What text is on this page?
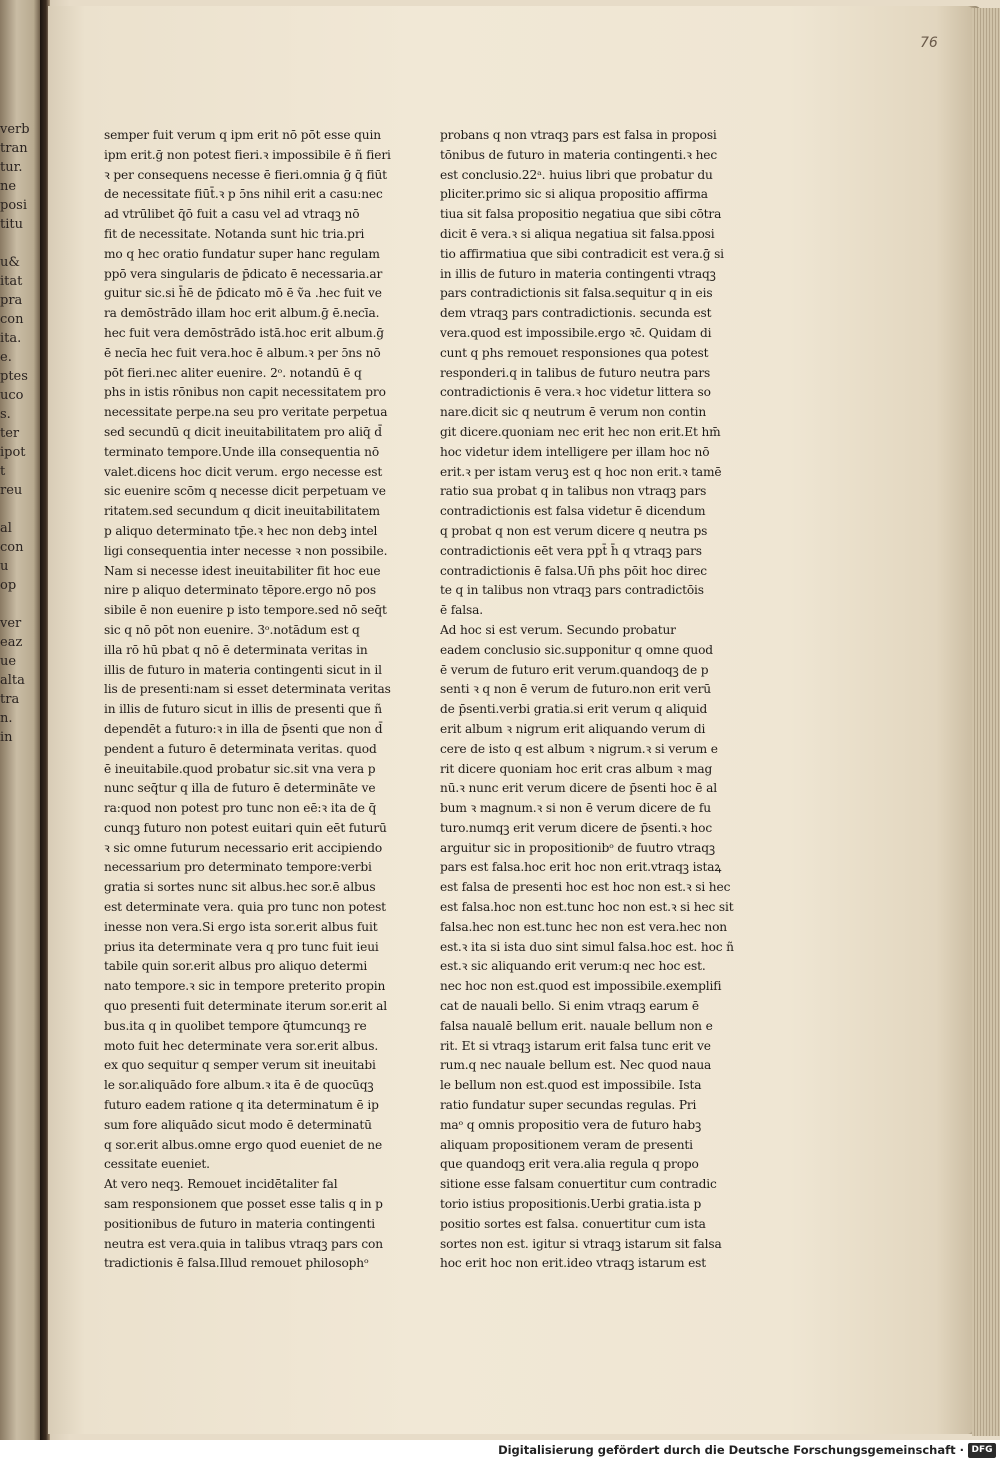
verb
tran
tur.
ne
posi
titu

u&
itat
pra
con
ita.
e.
ptes
uco
s.
ter
ipot
t
reu

al
con
u
op

ver
eaz
ue
alta
tra
n.
in
76
semper fuit verum q ipm erit nō pōt esse quin
ipm erit.ḡ non potest fieri.ꝛ impossibile ē ñ fieri
ꝛ per consequens necesse ē fieri.omnia ḡ q̄ fiūt
de necessitate fiūt̄.ꝛ p ɔ̄ns nihil erit a casu:nec
ad vtrūlibet q̄ō fuit a casu vel ad vtraqꝫ nō
fit de necessitate. Notanda sunt hic tria.pri
mo q hec oratio fundatur super hanc regulam
ppō vera singularis de p̄dicato ē necessaria.ar
guitur sic.si h̄ē de p̄dicato mō ē ṽa .hec fuit ve
ra demōstrādo illam hoc erit album.ḡ ē.necīa.
hec fuit vera demōstrādo istā.hoc erit album.ḡ
ē necīa hec fuit vera.hoc ē album.ꝛ per ɔ̄ns nō
pōt fieri.nec aliter euenire. 2ᵒ. notandū ē q
phs in istis rōnibus non capit necessitatem pro
necessitate perpe.na seu pro veritate perpetua
sed secundū q dicit ineuitabilitatem pro aliq̄ d̄
terminato tempore.Unde illa consequentia nō
valet.dicens hoc dicit verum. ergo necesse est
sic euenire scōm q necesse dicit perpetuam ve
ritatem.sed secundum q dicit ineuitabilitatem
p aliquo determinato tp̄e.ꝛ hec non debꝫ intel
ligi consequentia inter necesse ꝛ non possibile.
Nam si necesse idest ineuitabiliter fit hoc eue
nire p aliquo determinato tēpore.ergo nō pos
sibile ē non euenire p isto tempore.sed nō seq̄t
sic q nō pōt non euenire. 3ᵒ.notādum est q
illa rō hū pbat q nō ē determinata veritas in
illis de futuro in materia contingenti sicut in il
lis de presenti:nam si esset determinata veritas
in illis de futuro sicut in illis de presenti que ñ
dependēt a futuro:ꝛ in illa de p̄senti que non d̄
pendent a futuro ē determinata veritas. quod
ē ineuitabile.quod probatur sic.sit vna vera p
nunc seq̄tur q illa de futuro ē determināte ve
ra:quod non potest pro tunc non eē:ꝛ ita de q̄
cunqꝫ futuro non potest euitari quin eēt futurū
ꝛ sic omne futurum necessario erit accipiendo
necessarium pro determinato tempore:verbi
gratia si sortes nunc sit albus.hec sor.ē albus
est determinate vera. quia pro tunc non potest
inesse non vera.Si ergo ista sor.erit albus fuit
prius ita determinate vera q pro tunc fuit ieui
tabile quin sor.erit albus pro aliquo determi
nato tempore.ꝛ sic in tempore preterito propin
quo presenti fuit determinate iterum sor.erit al
bus.ita q in quolibet tempore q̄tumcunqꝫ re
moto fuit hec determinate vera sor.erit albus.
ex quo sequitur q semper verum sit ineuitabi
le sor.aliquādo fore album.ꝛ ita ē de quocūqꝫ
futuro eadem ratione q ita determinatum ē ip
sum fore aliquādo sicut modo ē determinatū
q sor.erit albus.omne ergo quod eueniet de ne
cessitate eueniet.
At vero neqꝫ. Remouet incidētaliter fal
sam responsionem que posset esse talis q in p
positionibus de futuro in materia contingenti
neutra est vera.quia in talibus vtraqꝫ pars con
tradictionis ē falsa.Illud remouet philosophᵒ
probans q non vtraqꝫ pars est falsa in proposi
tōnibus de futuro in materia contingenti.ꝛ hec
est conclusio.22ᵃ. huius libri que probatur du
pliciter.primo sic si aliqua propositio affirma
tiua sit falsa propositio negatiua que sibi cōtra
dicit ē vera.ꝛ si aliqua negatiua sit falsa.pposi
tio affirmatiua que sibi contradicit est vera.ḡ si
in illis de futuro in materia contingenti vtraqꝫ
pars contradictionis sit falsa.sequitur q in eis
dem vtraqꝫ pars contradictionis. secunda est
vera.quod est impossibile.ergo ꝛc̄. Quidam di
cunt q phs remouet responsiones qua potest
responderi.q in talibus de futuro neutra pars
contradictionis ē vera.ꝛ hoc videtur littera so
nare.dicit sic q neutrum ē verum non contin
git dicere.quoniam nec erit hec non erit.Et hm̄
hoc videtur idem intelligere per illam hoc nō
erit.ꝛ per istam veruꝫ est q hoc non erit.ꝛ tamē
ratio sua probat q in talibus non vtraqꝫ pars
contradictionis est falsa videtur ē dicendum
q probat q non est verum dicere q neutra ps
contradictionis eēt vera ppt̄ h̄ q vtraqꝫ pars
contradictionis ē falsa.Un̄ phs pōit hoc direc
te q in talibus non vtraqꝫ pars contradictōis
ē falsa.
Ad hoc si est verum. Secundo probatur
eadem conclusio sic.supponitur q omne quod
ē verum de futuro erit verum.quandoqꝫ de p
senti ꝛ q non ē verum de futuro.non erit verū
de p̄senti.verbi gratia.si erit verum q aliquid
erit album ꝛ nigrum erit aliquando verum di
cere de isto q est album ꝛ nigrum.ꝛ si verum e
rit dicere quoniam hoc erit cras album ꝛ mag
nū.ꝛ nunc erit verum dicere de p̄senti hoc ē al
bum ꝛ magnum.ꝛ si non ē verum dicere de fu
turo.numqꝫ erit verum dicere de p̄senti.ꝛ hoc
arguitur sic in propositionibᵒ de fuutro vtraqꝫ
pars est falsa.hoc erit hoc non erit.vtraqꝫ istaꝝ
est falsa de presenti hoc est hoc non est.ꝛ si hec
est falsa.hoc non est.tunc hoc non est.ꝛ si hec sit
falsa.hec non est.tunc hec non est vera.hec non
est.ꝛ ita si ista duo sint simul falsa.hoc est. hoc ñ
est.ꝛ sic aliquando erit verum:q nec hoc est.
nec hoc non est.quod est impossibile.exemplifi
cat de nauali bello. Si enim vtraqꝫ earum ē
falsa naualē bellum erit. nauale bellum non e
rit. Et si vtraqꝫ istarum erit falsa tunc erit ve
rum.q nec nauale bellum est. Nec quod naua
le bellum non est.quod est impossibile. Ista
ratio fundatur super secundas regulas. Pri
maᵒ q omnis propositio vera de futuro habꝫ
aliquam propositionem veram de presenti
que quandoqꝫ erit vera.alia regula q propo
sitione esse falsam conuertitur cum contradic
torio istius propositionis.Uerbi gratia.ista p
positio sortes est falsa. conuertitur cum ista
sortes non est. igitur si vtraqꝫ istarum sit falsa
hoc erit hoc non erit.ideo vtraqꝫ istarum est
Digitalisierung gefördert durch die Deutsche Forschungsgemeinschaft · DFG
